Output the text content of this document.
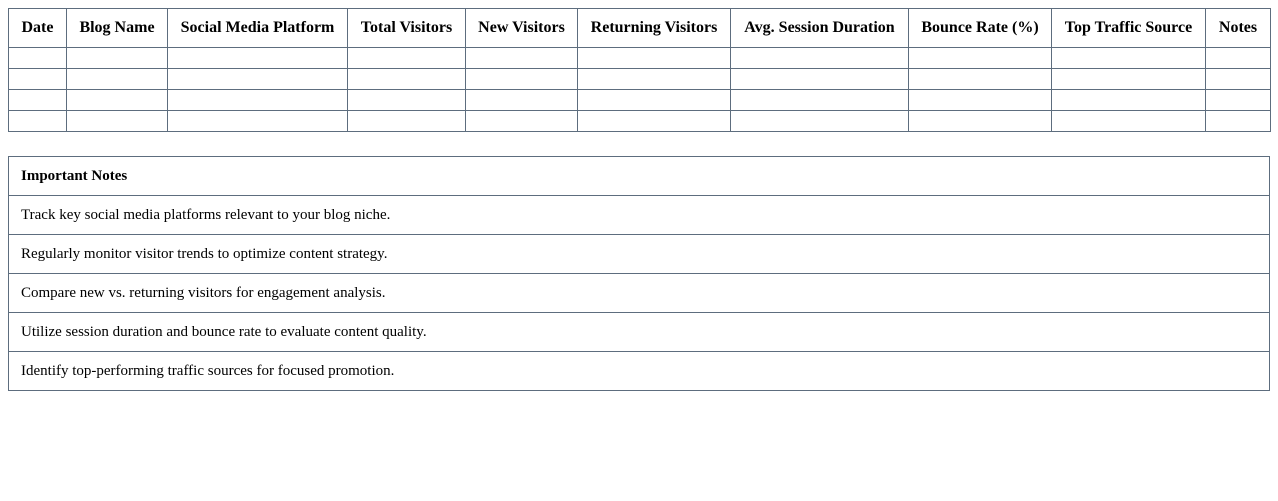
Date	Blog Name	Social Media Platform	Total Visitors	New Visitors	Returning Visitors	Avg. Session Duration	Bounce Rate (%)	Top Traffic Source	Notes

Important Notes
Track key social media platforms relevant to your blog niche.
Regularly monitor visitor trends to optimize content strategy.
Compare new vs. returning visitors for engagement analysis.
Utilize session duration and bounce rate to evaluate content quality.
Identify top-performing traffic sources for focused promotion.
